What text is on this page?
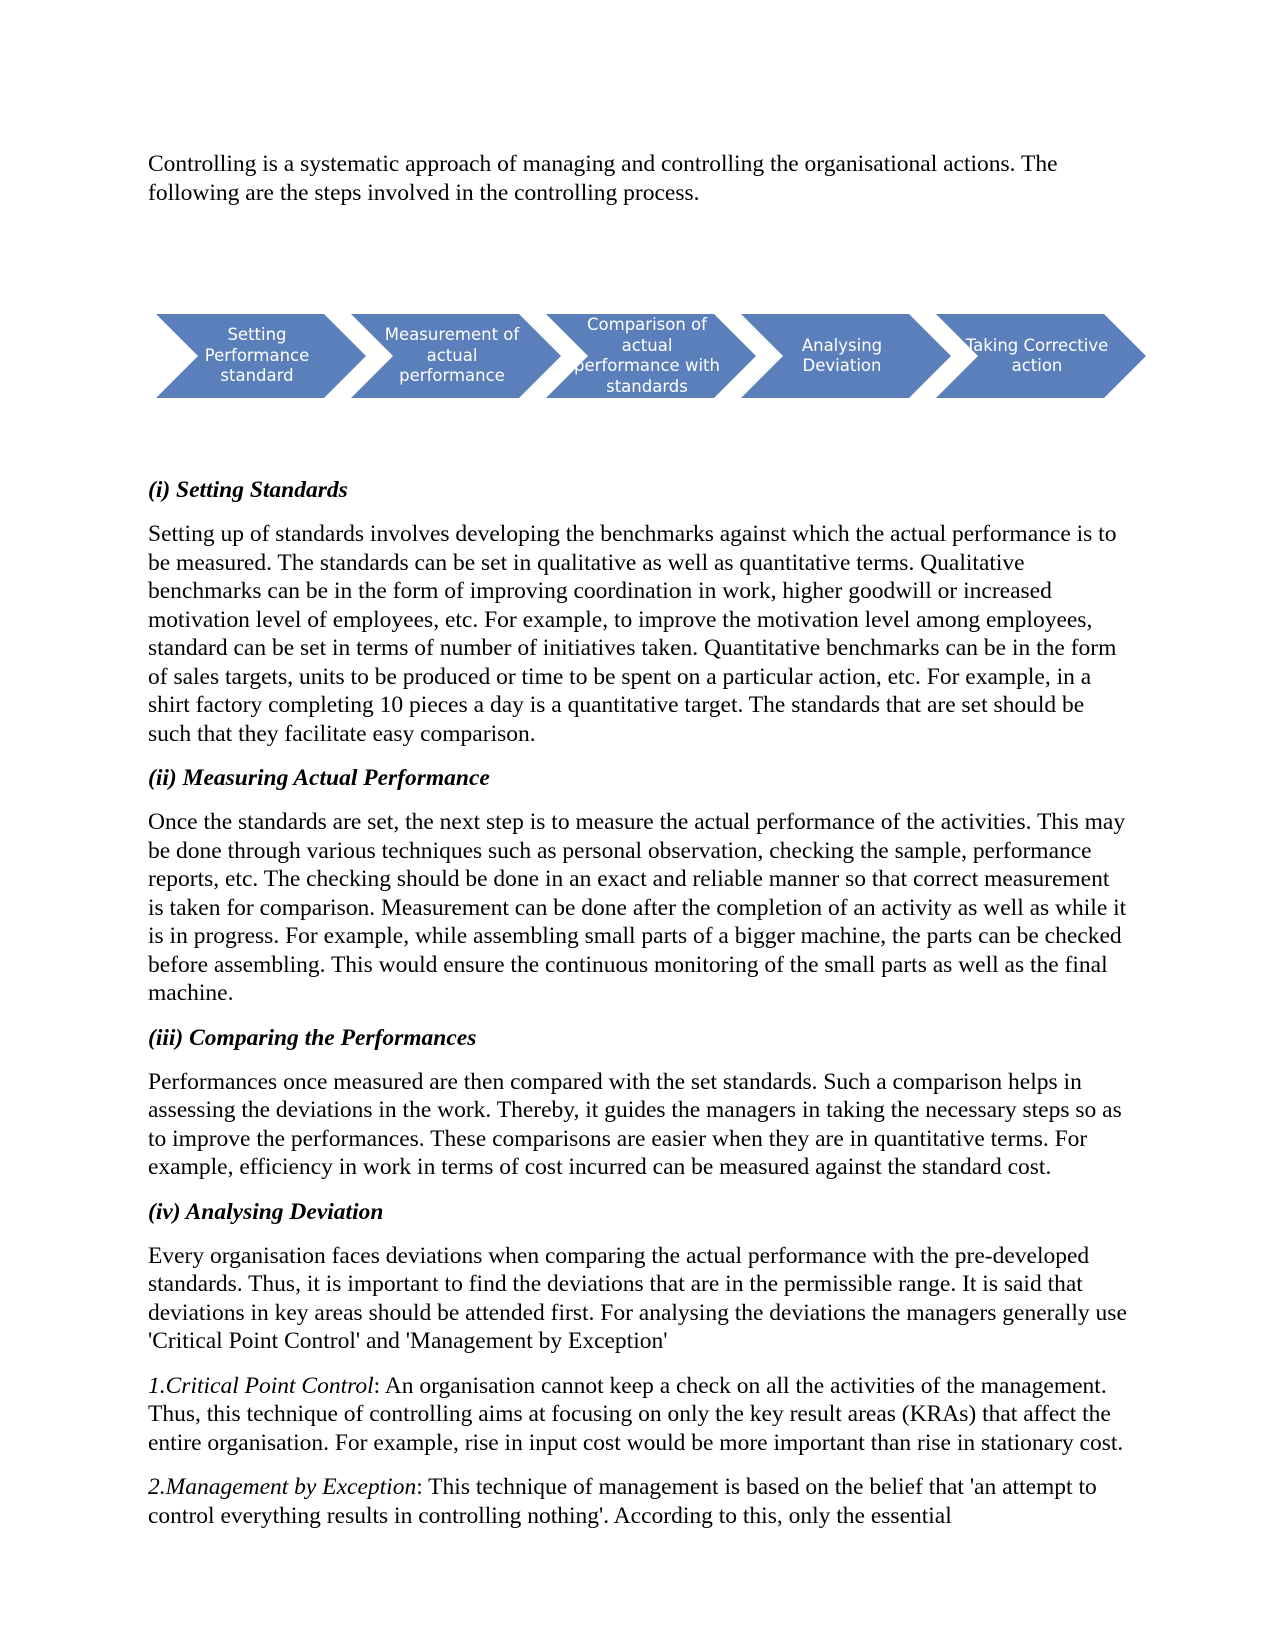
Controlling is a systematic approach of managing and controlling the organisational actions. The following are the steps involved in the controlling process.

Setting Performance standard
Measurement of actual performance
Comparison of actual performance with standards
Analysing Deviation
Taking Corrective action
(i) Setting Standards

Setting up of standards involves developing the benchmarks against which the actual performance is to be measured. The standards can be set in qualitative as well as quantitative terms. Qualitative benchmarks can be in the form of improving coordination in work, higher goodwill or increased motivation level of employees, etc. For example, to improve the motivation level among employees, standard can be set in terms of number of initiatives taken. Quantitative benchmarks can be in the form of sales targets, units to be produced or time to be spent on a particular action, etc. For example, in a shirt factory completing 10 pieces a day is a quantitative target. The standards that are set should be such that they facilitate easy comparison.

(ii) Measuring Actual Performance

Once the standards are set, the next step is to measure the actual performance of the activities. This may be done through various techniques such as personal observation, checking the sample, performance reports, etc. The checking should be done in an exact and reliable manner so that correct measurement is taken for comparison. Measurement can be done after the completion of an activity as well as while it is in progress. For example, while assembling small parts of a bigger machine, the parts can be checked before assembling. This would ensure the continuous monitoring of the small parts as well as the final machine.

(iii) Comparing the Performances

Performances once measured are then compared with the set standards. Such a comparison helps in assessing the deviations in the work. Thereby, it guides the managers in taking the necessary steps so as to improve the performances. These comparisons are easier when they are in quantitative terms. For example, efficiency in work in terms of cost incurred can be measured against the standard cost.

(iv) Analysing Deviation

Every organisation faces deviations when comparing the actual performance with the pre-developed standards. Thus, it is important to find the deviations that are in the permissible range. It is said that deviations in key areas should be attended first. For analysing the deviations the managers generally use 'Critical Point Control' and 'Management by Exception'

1.Critical Point Control: An organisation cannot keep a check on all the activities of the management. Thus, this technique of controlling aims at focusing on only the key result areas (KRAs) that affect the entire organisation. For example, rise in input cost would be more important than rise in stationary cost.

2.Management by Exception: This technique of management is based on the belief that 'an attempt to control everything results in controlling nothing'. According to this, only the essential
